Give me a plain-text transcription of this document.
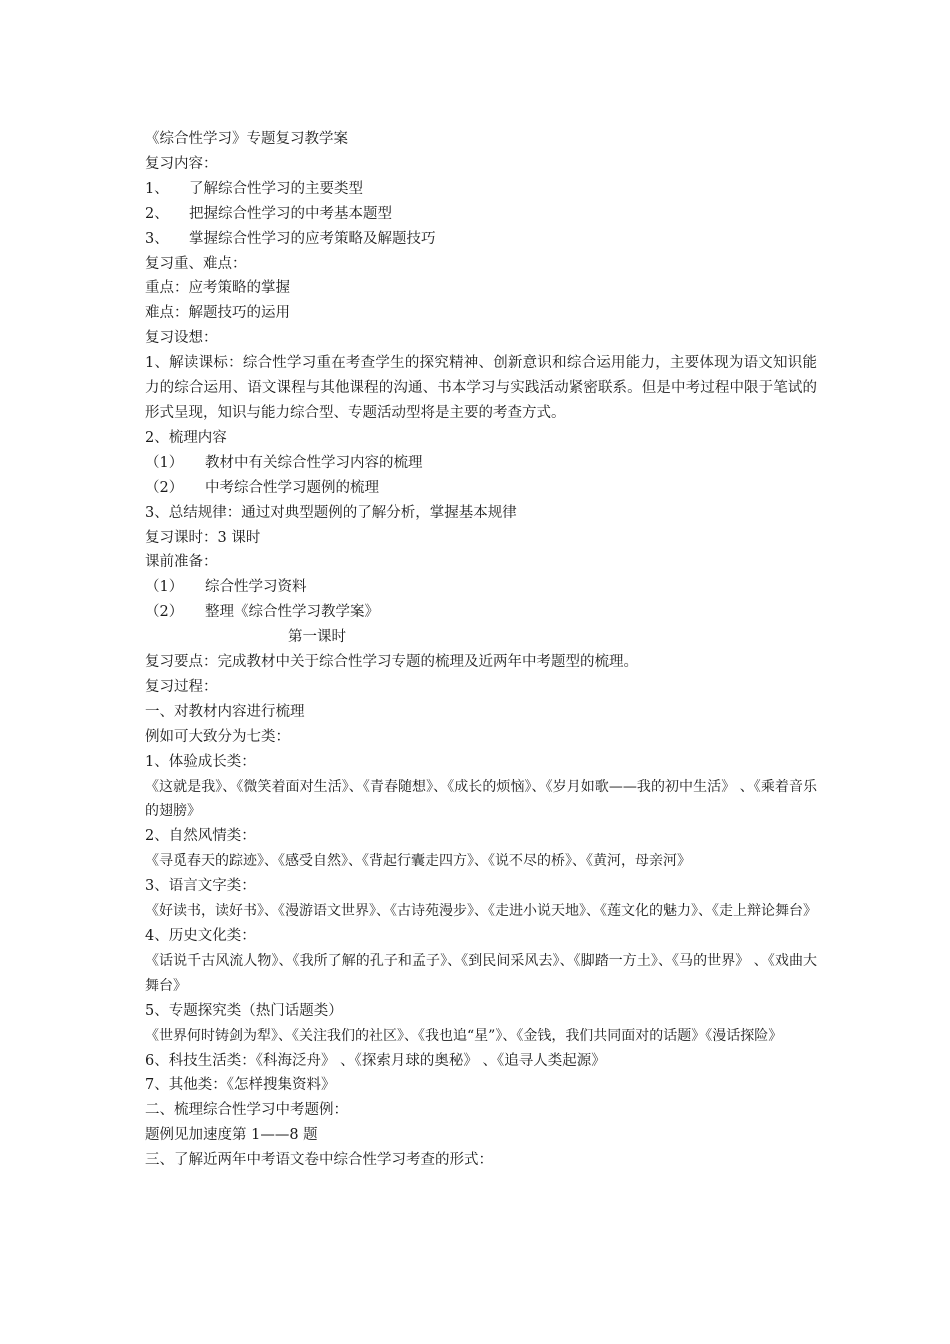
《综合性学习》专题复习教学案
复习内容：
1、 了解综合性学习的主要类型
2、 把握综合性学习的中考基本题型
3、 掌握综合性学习的应考策略及解题技巧
复习重、难点：
重点：应考策略的掌握
难点：解题技巧的运用
复习设想：
1、解读课标：综合性学习重在考查学生的探究精神、创新意识和综合运用能力，主要体现为语文知识能力的综合运用、语文课程与其他课程的沟通、书本学习与实践活动紧密联系。但是中考过程中限于笔试的形式呈现，知识与能力综合型、专题活动型将是主要的考查方式。
2、梳理内容
（1） 教材中有关综合性学习内容的梳理
（2） 中考综合性学习题例的梳理
3、总结规律：通过对典型题例的了解分析，掌握基本规律
复习课时：3 课时
课前准备：
（1） 综合性学习资料
（2） 整理《综合性学习教学案》
第一课时
复习要点：完成教材中关于综合性学习专题的梳理及近两年中考题型的梳理。
复习过程：
一、对教材内容进行梳理
例如可大致分为七类：
1、体验成长类：
《这就是我》、《微笑着面对生活》、《青春随想》、《成长的烦恼》、《岁月如歌——我的初中生活》 、《乘着音乐的翅膀》
2、自然风情类：
《寻觅春天的踪迹》、《感受自然》、《背起行囊走四方》、《说不尽的桥》、《黄河，母亲河》
3、语言文字类：
《好读书，读好书》、《漫游语文世界》、《古诗苑漫步》、《走进小说天地》、《莲文化的魅力》、《走上辩论舞台》
4、历史文化类：
《话说千古风流人物》、《我所了解的孔子和孟子》、《到民间采风去》、《脚踏一方土》、《马的世界》 、《戏曲大舞台》
5、专题探究类（热门话题类）
《世界何时铸剑为犁》、《关注我们的社区》、《我也追“星”》、《金钱，我们共同面对的话题》《漫话探险》
6、科技生活类：《科海泛舟》 、《探索月球的奥秘》 、《追寻人类起源》
7、其他类：《怎样搜集资料》
二、梳理综合性学习中考题例：
题例见加速度第 1——8 题
三、了解近两年中考语文卷中综合性学习考查的形式：
